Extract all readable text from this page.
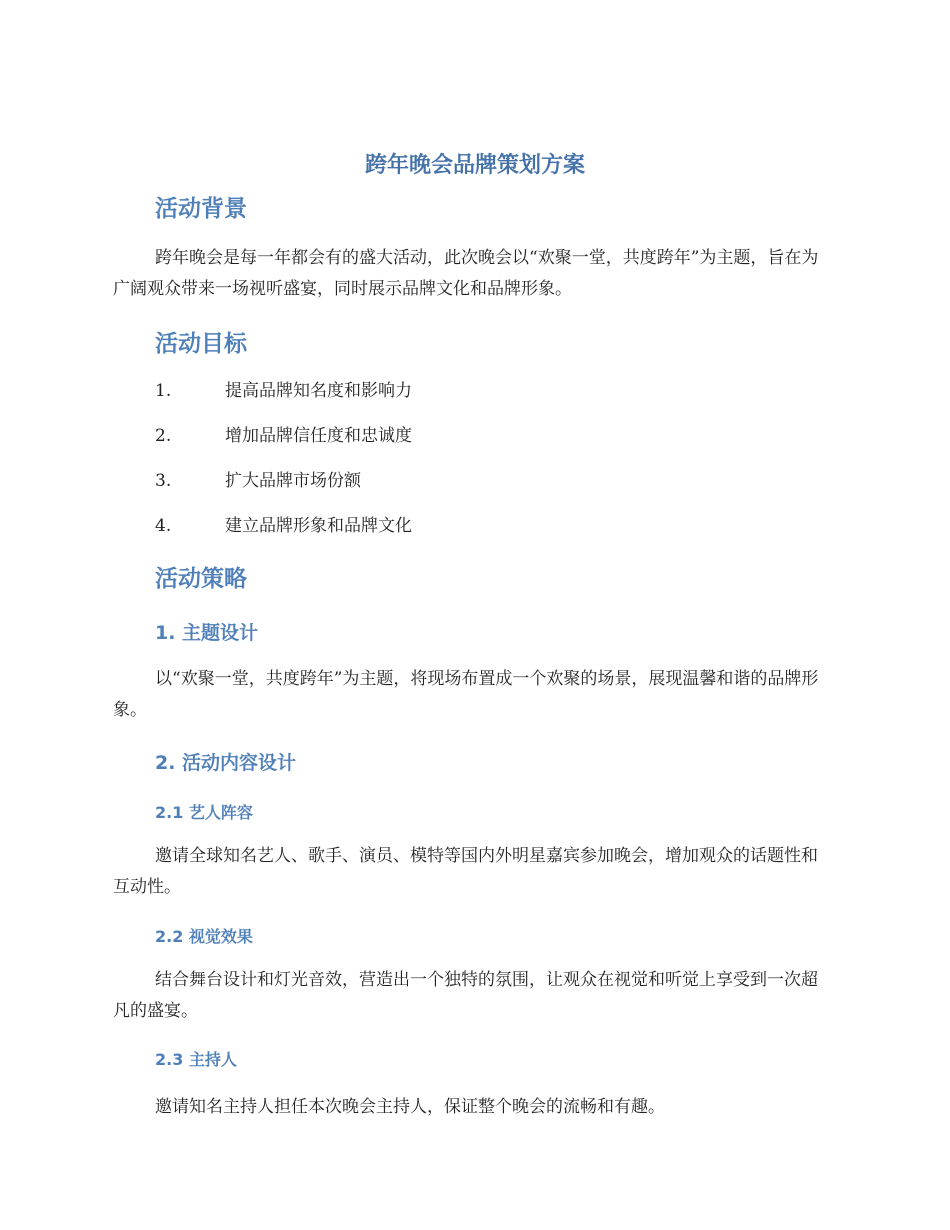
跨年晚会品牌策划方案
活动背景

跨年晚会是每一年都会有的盛大活动，此次晚会以“欢聚一堂，共度跨年”为主题，旨在为广阔观众带来一场视听盛宴，同时展示品牌文化和品牌形象。

活动目标
1.	提高品牌知名度和影响力
2.	增加品牌信任度和忠诚度
3.	扩大品牌市场份额
4.	建立品牌形象和品牌文化
活动策略
1. 主题设计

以“欢聚一堂，共度跨年”为主题，将现场布置成一个欢聚的场景，展现温馨和谐的品牌形象。

2. 活动内容设计
2.1 艺人阵容

邀请全球知名艺人、歌手、演员、模特等国内外明星嘉宾参加晚会，增加观众的话题性和互动性。

2.2 视觉效果

结合舞台设计和灯光音效，营造出一个独特的氛围，让观众在视觉和听觉上享受到一次超凡的盛宴。

2.3 主持人

邀请知名主持人担任本次晚会主持人，保证整个晚会的流畅和有趣。
